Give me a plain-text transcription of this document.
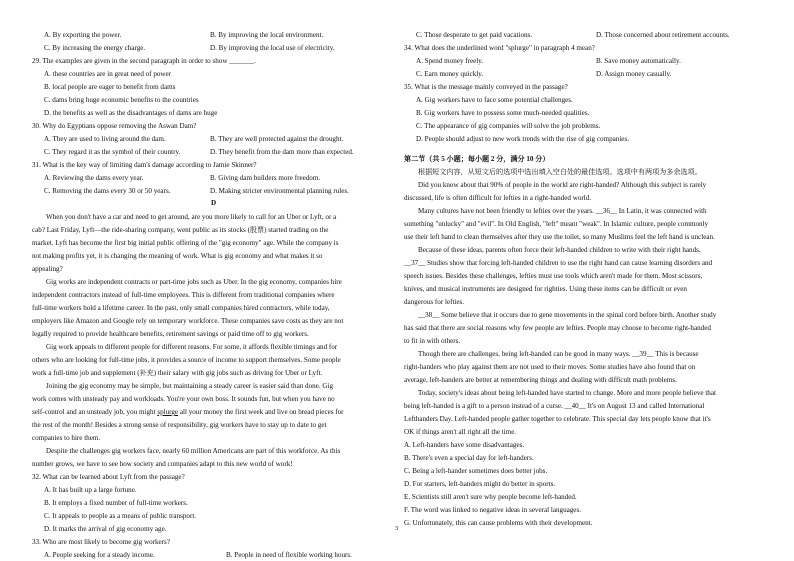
A. By exporting the power.	B. By improving the local environment.
C. By increasing the energy charge.	D. By improving the local use of electricity.
29. The examples are given in the second paragraph in order to show _______.
A. these countries are in great need of power
B. local people are eager to benefit from dams
C. dams bring huge economic benefits to the countries
D. the benefits as well as the disadvantages of dams are huge
30. Why do Egyptians oppose removing the Aswan Dam?
A. They are used to living around the dam.	B. They are well protected against the drought.
C. They regard it as the symbol of their country.	D. They benefit from the dam more than expected.
31. What is the key way of limiting dam's damage according to Jamie Skinner?
A. Reviewing the dams every year.	B. Giving dam builders more freedom.
C. Removing the dams every 30 or 50 years.	D. Making stricter environmental planning rules.
D
When you don't have a car and need to get around, are you more likely to call for an Uber or Lyft, or a
cab? Last Friday, Lyft—the ride-sharing company, went public as its stocks (股票) started trading on the
market. Lyft has become the first big initial public offering of the "gig economy" age. While the company is
not making profits yet, it is changing the meaning of work. What is gig economy and what makes it so
appealing?
Gig works are independent contracts or part-time jobs such as Uber. In the gig economy, companies hire
independent contractors instead of full-time employees. This is different from traditional companies where
full-time workers hold a lifetime career. In the past, only small companies hired contractors, while today,
employers like Amazon and Google rely on temporary workforce. These companies save costs as they are not
legally required to provide healthcare benefits, retirement savings or paid time off to gig workers.
Gig work appeals to different people for different reasons. For some, it affords flexible timings and for
others who are looking for full-time jobs, it provides a source of income to support themselves. Some people
work a full-time job and supplement (补充) their salary with gig jobs such as driving for Uber or Lyft.
Joining the gig economy may be simple, but maintaining a steady career is easier said than done. Gig
work comes with unsteady pay and workloads. You're your own boss. It sounds fun, but when you have no
self-control and an unsteady job, you might splurge all your money the first week and live on bread pieces for
the rest of the month! Besides a strong sense of responsibility, gig workers have to stay up to date to get
companies to hire them.
Despite the challenges gig workers face, nearly 60 million Americans are part of this workforce. As this
number grows, we have to see how society and companies adapt to this new world of work!
32. What can be learned about Lyft from the passage?
A. It has built up a large fortune.
B. It employs a fixed number of full-time workers.
C. It appeals to people as a means of public transport.
D. It marks the arrival of gig economy age.
33. Who are most likely to become gig workers?
A. People seeking for a steady income.	B. People in need of flexible working hours.
C. Those desperate to get paid vacations.	D. Those concerned about retirement accounts.
34. What does the underlined word "splurge" in paragraph 4 mean?
A. Spend money freely.	B. Save money automatically.
C. Earn money quickly.	D. Assign money casually.
35. What is the message mainly conveyed in the passage?
A. Gig workers have to face some potential challenges.
B. Gig workers have to possess some much-needed qualities.
C. The appearance of gig companies will solve the job problems.
D. People should adjust to new work trends with the rise of gig companies.
第二节（共 5 小题；每小题 2 分，满分 10 分）
根据短文内容，从短文后的选项中选出填入空白处的最佳选项。选项中有两项为多余选项。
Did you know about that 90% of people in the world are right-handed? Although this subject is rarely
discussed, life is often difficult for lefties in a right-handed world.
Many cultures have not been friendly to lefties over the years. __36__ In Latin, it was connected with
something "unlucky" and "evil". In Old English, "left" meant "weak". In Islamic culture, people commonly
use their left hand to clean themselves after they use the toilet, so many Muslims feel the left hand is unclean.
Because of these ideas, parents often force their left-handed children to write with their right hands.
__37__ Studies show that forcing left-handed children to use the right hand can cause learning disorders and
speech issues. Besides these challenges, lefties must use tools which aren't made for them. Most scissors,
knives, and musical instruments are designed for righties. Using these items can be difficult or even
dangerous for lefties.
__38__ Some believe that it occurs due to gene movements in the spinal cord before birth. Another study
has said that there are social reasons why few people are lefties. People may choose to become right-handed
to fit in with others.
Though there are challenges, being left-handed can be good in many ways. __39__ This is because
right-handers who play against them are not used to their moves. Some studies have also found that on
average, left-handers are better at remembering things and dealing with difficult math problems.
Today, society's ideas about being left-handed have started to change. More and more people believe that
being left-handed is a gift to a person instead of a curse. __40__ It's on August 13 and called International
Lefthanders Day. Left-handed people gather together to celebrate. This special day lets people know that it's
OK if things aren't all right all the time.
A. Left-handers have some disadvantages.
B. There's even a special day for left-handers.
C. Being a left-hander sometimes does better jobs.
D. For starters, left-handers might do better in sports.
E. Scientists still aren't sure why people become left-handed.
F. The word was linked to negative ideas in several languages.
G. Unfortunately, this can cause problems with their development.
3
